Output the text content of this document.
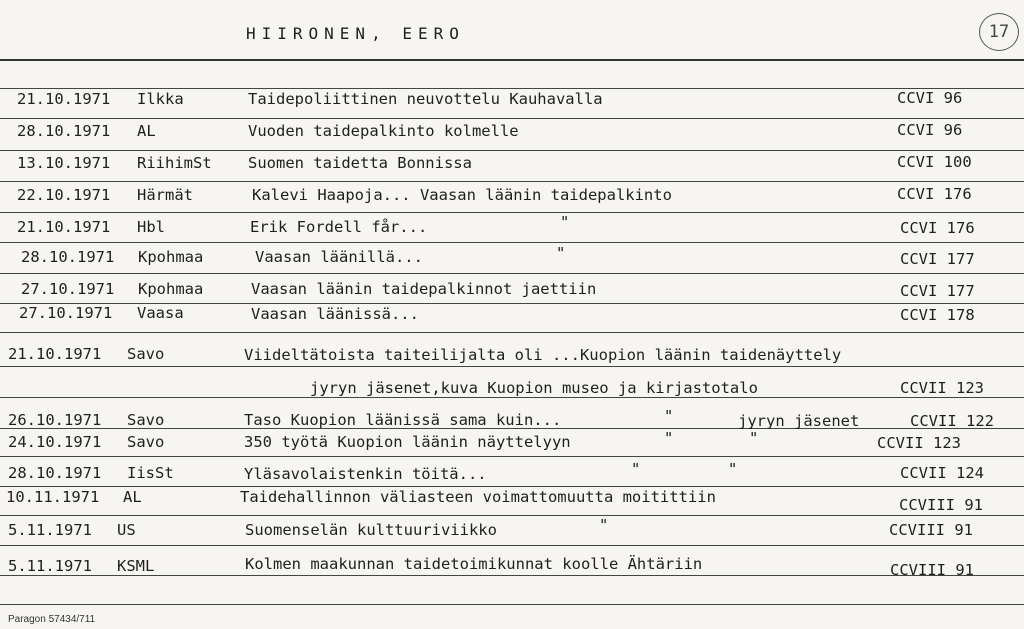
HIIRONEN, EERO	17
21.10.1971 Ilkka	Taidepoliittinen neuvottelu Kauhavalla	CCVI 96
28.10.1971 AL	Vuoden taidepalkinto kolmelle	CCVI 96
13.10.1971 RiihimSt Suomen taidetta Bonnissa	CCVI 100
22.10.1971 Härmät	Kalevi Haapoja... Vaasan läänin taidepalkinto	CCVI 176
21.10.1971 Hbl	Erik Fordell får...	"	CCVI 176
28.10.1971 Kpohmaa	Vaasan läänillä...	"	CCVI 177
27.10.1971 Kpohmaa	Vaasan läänin taidepalkinnot jaettiin	CCVI 177
27.10.1971 Vaasa	Vaasan läänissä...	CCVI 178
21.10.1971 Savo	Viideltätoista taiteilijalta oli ...Kuopion läänin taidenäyttely
jyryn jäsenet,kuva Kuopion museo ja kirjastotalo	CCVII 123
26.10.1971 Savo	Taso Kuopion läänissä sama kuin...	"	jyryn jäsenet	CCVII 122
24.10.1971 Savo	350 työtä Kuopion läänin näyttelyyn	"	"	CCVII 123
28.10.1971 IisSt	Yläsavolaistenkin töitä...	"	"	CCVII 124
10.11.1971 AL	Taidehallinnon väliasteen voimattomuutta moitittiin	CCVIII 91
5.11.1971 US	Suomenselän kulttuuriviikko	"	CCVIII 91
5.11.1971 KSML	Kolmen maakunnan taidetoimikunnat koolle Ähtäriin	CCVIII 91
Paragon 57434/711
